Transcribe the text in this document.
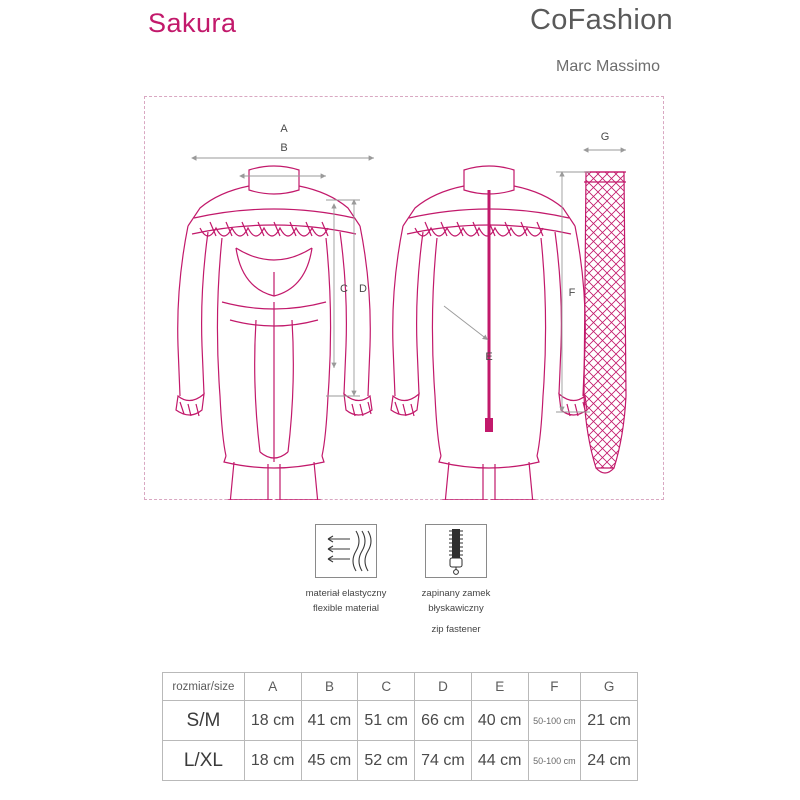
Sakura	CoFashion
Marc Massimo
A
B
C D
E
F
G
materiał elastyczny
flexible material
zapinany zamek
błyskawiczny
zip fastener
rozmiar/size	A	B	C	D	E	F	G
S/M	18 cm	41 cm	51 cm	66 cm	40 cm	50-100 cm	21 cm
L/XL	18 cm	45 cm	52 cm	74 cm	44 cm	50-100 cm	24 cm
